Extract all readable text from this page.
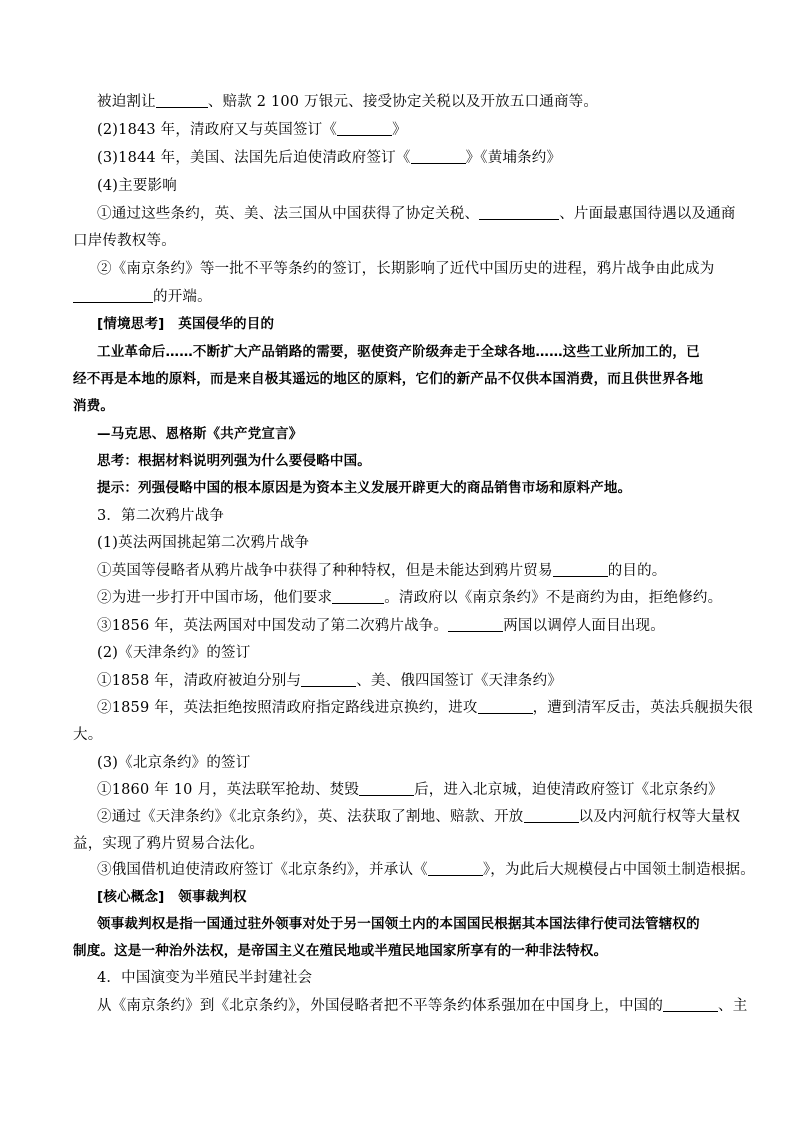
被迫割让	、赔款 2 100 万银元、接受协定关税以及开放五口通商等。
(2)1843 年，清政府又与英国签订《	》
(3)1844 年，美国、法国先后迫使清政府签订《	》《黄埔条约》
(4)主要影响
①通过这些条约，英、美、法三国从中国获得了协定关税、	、片面最惠国待遇以及通商
口岸传教权等。
②《南京条约》等一批不平等条约的签订，长期影响了近代中国历史的进程，鸦片战争由此成为
的开端。
[情境思考]　英国侵华的目的
工业革命后……不断扩大产品销路的需要，驱使资产阶级奔走于全球各地……这些工业所加工的，已
经不再是本地的原料，而是来自极其遥远的地区的原料，它们的新产品不仅供本国消费，而且供世界各地
消费。
—马克思、恩格斯《共产党宣言》
思考：根据材料说明列强为什么要侵略中国。
提示：列强侵略中国的根本原因是为资本主义发展开辟更大的商品销售市场和原料产地。
3．第二次鸦片战争
(1)英法两国挑起第二次鸦片战争
①英国等侵略者从鸦片战争中获得了种种特权，但是未能达到鸦片贸易	的目的。
②为进一步打开中国市场，他们要求	。清政府以《南京条约》不是商约为由，拒绝修约。
③1856 年，英法两国对中国发动了第二次鸦片战争。	两国以调停人面目出现。
(2)《天津条约》的签订
①1858 年，清政府被迫分别与	、美、俄四国签订《天津条约》
②1859 年，英法拒绝按照清政府指定路线进京换约，进攻	，遭到清军反击，英法兵舰损失很
大。
(3)《北京条约》的签订
①1860 年 10 月，英法联军抢劫、焚毁	后，进入北京城，迫使清政府签订《北京条约》
②通过《天津条约》《北京条约》，英、法获取了割地、赔款、开放	以及内河航行权等大量权
益，实现了鸦片贸易合法化。
③俄国借机迫使清政府签订《北京条约》，并承认《	》，为此后大规模侵占中国领土制造根据。
[核心概念]　领事裁判权
领事裁判权是指一国通过驻外领事对处于另一国领土内的本国国民根据其本国法律行使司法管辖权的
制度。这是一种治外法权，是帝国主义在殖民地或半殖民地国家所享有的一种非法特权。
4．中国演变为半殖民半封建社会
从《南京条约》到《北京条约》，外国侵略者把不平等条约体系强加在中国身上，中国的	、主
